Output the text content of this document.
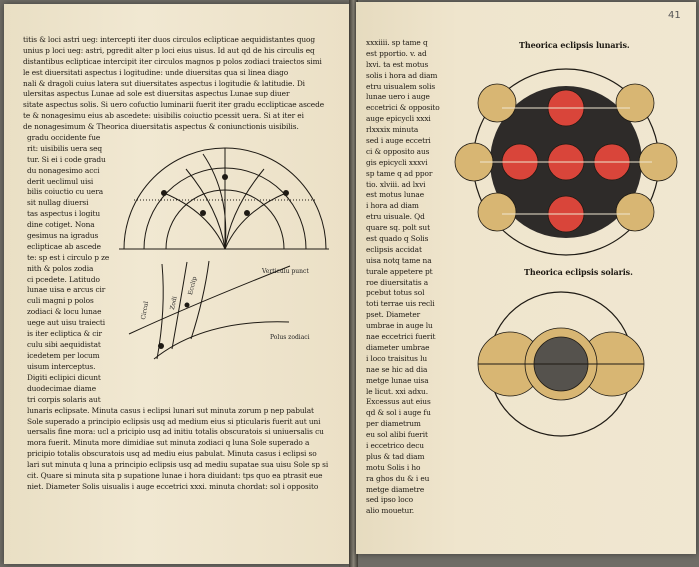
titis & loci astri ueg: intercepti iter duos circulos eclipticae aequidistantes quog
unius p loci ueg: astri, pgredit alter p loci eius uisus. Id aut qd de his circulis eq
distantibus eclipticae intercipit iter circulos magnos p polos zodiaci traiectos simi
le est diuersitati aspectus i logitudine: unde diuersitas qua si linea diago
nali & dragoli cuius latera sut diuersitates aspectus i logitudie & latitudie. Di
ulersitas aspectus Lunae ad sole est diuersitas aspectus Lunae sup diuer
sitate aspectus solis. Si uero cofuctio luminarii fuerit iter gradu ecclipticae ascede
te & nonagesimu eius ab ascedete: uisibilis coiuctio pcessit uera. Si at iter ei
de nonagesimum & Theorica diuersitatis aspectus & coniunctionis uisibilis.
gradu occidente fue
rit: uisibilis uera seq
tur. Si ei i code gradu
du nonagesimo acci
derit ueclimul uisi
bilis coiuctio cu uera
sit nullag diuersi
tas aspectus i logitu
dine cotiget. Nona
gesimus na igradus
eclipticae ab ascede
te: sp est i circulo p ze
nith & polos zodia
ci pcedete. Latitudo
lunae uisa e arcus cir
culi magni p polos
zodiaci & locu lunae
uege aut uisu traiecti
is iter ecliptica & cir
culu sibi aequidistat
icedetem per locum
uisum interceptus.
Digiti eclipici dicunt
duodecimae diame
tri corpis solaris aut
lunaris eclipsate. Minuta casus i eclipsi lunari sut minuta zorum p nep pabulat
Sole superado a principio eclipsis usq ad medium eius si pticularis fuerit aut uni
uersalis fine mora: ucl a pricipio usq ad initiu totalis obscuratois si uniuersalis cu
mora fuerit. Minuta more dimidiae sut minuta zodiaci q luna Sole superado a
pricipio totalis obscuratois usq ad mediu eius pabulat. Minuta casus i eclipsi so
lari sut minuta q luna a principio eclipsis usq ad mediu supatae sua uisu Sole sp si
cit. Quare si minuta sita p supatione lunae i hora diuidant: tps quo ea ptrasit eue
niet. Diameter Solis uisualis i auge eccetrici xxxi. minuta chordat: sol i opposito
Verticulu punct
Polus zodiaci
Circul	Zodi
Ecclip
xxxiiii. sp tame q
est pportio. v. ad
lxvi. ta est motus
solis i hora ad diam
etru uisualem solis
lunae uero i auge
eccetrici & opposito
auge epicycli xxxi
rlxxxix minuta
sed i auge eccetri
ci & opposito aus
gis epicycli xxxvi
sp tame q ad ppor
tio. xlviii. ad lxvi
est motus lunae
i hora ad diam
etru uisuale. Qd
quare sq. polt sut
est quado q Solis
eclipsis accidat
uisa notq tame na
turale appetere pt
roe diuersitatis a
pcebut totus sol
toti terrae uis recli
pset. Diameter
umbrae in auge lu
nae eccetrici fuerit
diameter umbrae
i loco traisitus lu
nae se hic ad dia
metge lunae uisa
le licut. xxi adxu.
Excessus aut eius
qd & sol i auge fu
per diametrum
eu sol alibi fuerit
i eccetrico decu
plus & tad diam
motu Solis i ho
ra ghos du & i eu
metge diametre
sed ipso loco
alio mouetur.
Theorica eclipsis lunaris.
Theorica eclipsis solaris.
41
